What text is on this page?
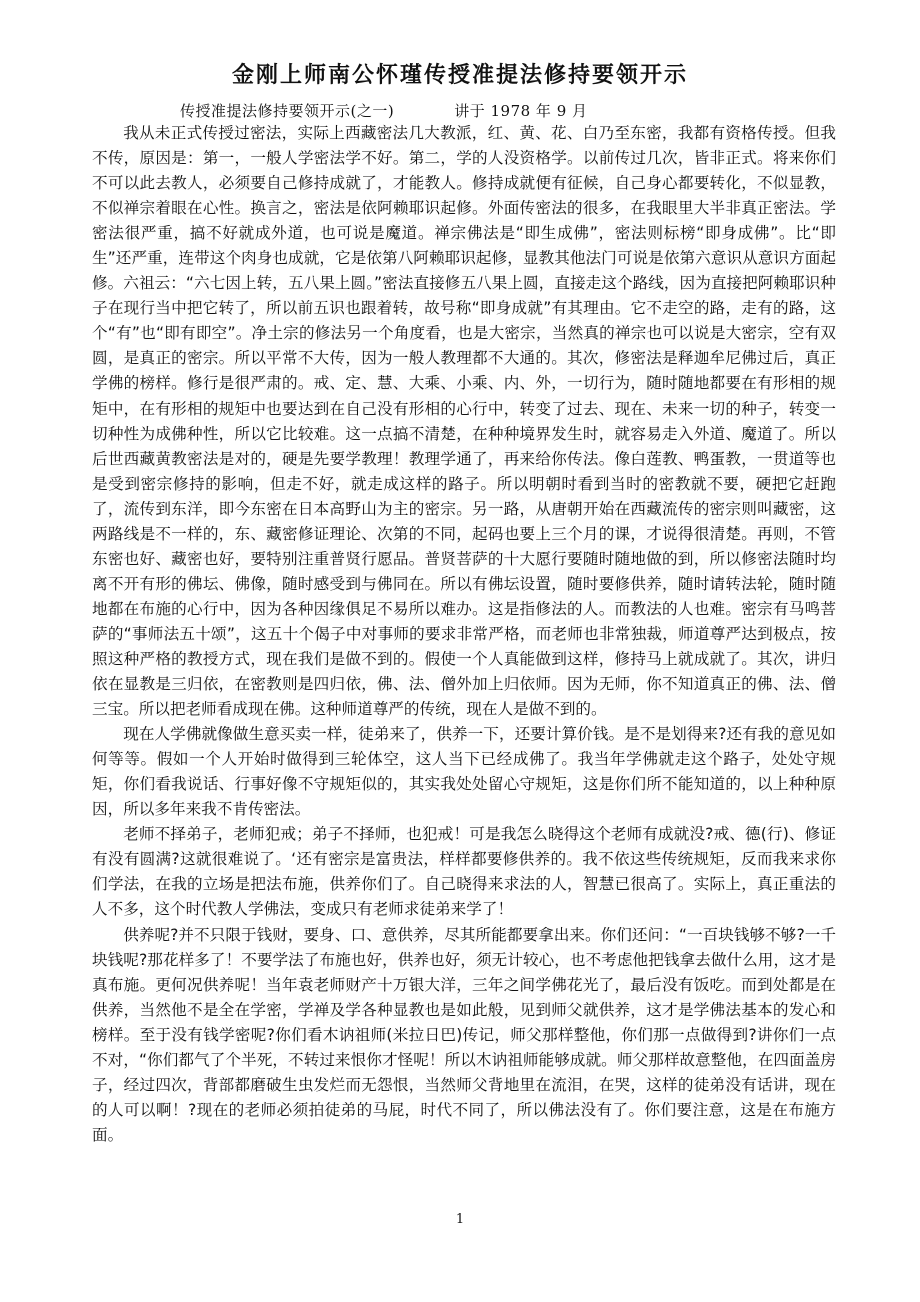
金刚上师南公怀瑾传授准提法修持要领开示
传授准提法修持要领开示(之一)	讲于 1978 年 9 月

我从未正式传授过密法，实际上西藏密法几大教派，红、黄、花、白乃至东密，我都有资格传授。但我不传，原因是：第一，一般人学密法学不好。第二，学的人没资格学。以前传过几次，皆非正式。将来你们不可以此去教人，必须要自己修持成就了，才能教人。修持成就便有征候，自己身心都要转化，不似显教，不似禅宗着眼在心性。换言之，密法是依阿赖耶识起修。外面传密法的很多，在我眼里大半非真正密法。学密法很严重，搞不好就成外道，也可说是魔道。禅宗佛法是“即生成佛”，密法则标榜“即身成佛”。比“即生”还严重，连带这个肉身也成就，它是依第八阿赖耶识起修，显教其他法门可说是依第六意识从意识方面起修。六祖云：“六七因上转，五八果上圆。”密法直接修五八果上圆，直接走这个路线，因为直接把阿赖耶识种子在现行当中把它转了，所以前五识也跟着转，故号称“即身成就”有其理由。它不走空的路，走有的路，这个“有”也“即有即空”。净土宗的修法另一个角度看，也是大密宗，当然真的禅宗也可以说是大密宗，空有双圆，是真正的密宗。所以平常不大传，因为一般人教理都不大通的。其次，修密法是释迦牟尼佛过后，真正学佛的榜样。修行是很严肃的。戒、定、慧、大乘、小乘、内、外，一切行为，随时随地都要在有形相的规矩中，在有形相的规矩中也要达到在自己没有形相的心行中，转变了过去、现在、未来一切的种子，转变一切种性为成佛种性，所以它比较难。这一点搞不清楚，在种种境界发生时，就容易走入外道、魔道了。所以后世西藏黄教密法是对的，硬是先要学教理！教理学通了，再来给你传法。像白莲教、鸭蛋教，一贯道等也是受到密宗修持的影响，但走不好，就走成这样的路子。所以明朝时看到当时的密教就不要，硬把它赶跑了，流传到东洋，即今东密在日本高野山为主的密宗。另一路，从唐朝开始在西藏流传的密宗则叫藏密，这两路线是不一样的，东、藏密修证理论、次第的不同，起码也要上三个月的课，才说得很清楚。再则，不管东密也好、藏密也好，要特别注重普贤行愿品。普贤菩萨的十大愿行要随时随地做的到，所以修密法随时均离不开有形的佛坛、佛像，随时感受到与佛同在。所以有佛坛设置，随时要修供养，随时请转法轮，随时随地都在布施的心行中，因为各种因缘俱足不易所以难办。这是指修法的人。而教法的人也难。密宗有马鸣菩萨的“事师法五十颂”，这五十个偈子中对事师的要求非常严格，而老师也非常独裁，师道尊严达到极点，按照这种严格的教授方式，现在我们是做不到的。假使一个人真能做到这样，修持马上就成就了。其次，讲归依在显教是三归依，在密教则是四归依，佛、法、僧外加上归依师。因为无师，你不知道真正的佛、法、僧三宝。所以把老师看成现在佛。这种师道尊严的传统，现在人是做不到的。

现在人学佛就像做生意买卖一样，徒弟来了，供养一下，还要计算价钱。是不是划得来?还有我的意见如何等等。假如一个人开始时做得到三轮体空，这人当下已经成佛了。我当年学佛就走这个路子，处处守规矩，你们看我说话、行事好像不守规矩似的，其实我处处留心守规矩，这是你们所不能知道的，以上种种原因，所以多年来我不肯传密法。

老师不择弟子，老师犯戒；弟子不择师，也犯戒！可是我怎么晓得这个老师有成就没?戒、德(行)、修证有没有圆满?这就很难说了。‘还有密宗是富贵法，样样都要修供养的。我不依这些传统规矩，反而我来求你们学法，在我的立场是把法布施，供养你们了。自己晓得来求法的人，智慧已很高了。实际上，真正重法的人不多，这个时代教人学佛法，变成只有老师求徒弟来学了！

供养呢?并不只限于钱财，要身、口、意供养，尽其所能都要拿出来。你们还问：“一百块钱够不够?一千块钱呢?那花样多了！不要学法了布施也好，供养也好，须无计较心，也不考虑他把钱拿去做什么用，这才是真布施。更何况供养呢！当年袁老师财产十万银大洋，三年之间学佛花光了，最后没有饭吃。而到处都是在供养，当然他不是全在学密，学禅及学各种显教也是如此般，见到师父就供养，这才是学佛法基本的发心和榜样。至于没有钱学密呢?你们看木讷祖师(米拉日巴)传记，师父那样整他，你们那一点做得到?讲你们一点不对，“你们都气了个半死，不转过来恨你才怪呢！所以木讷祖师能够成就。师父那样故意整他，在四面盖房子，经过四次，背部都磨破生虫发烂而无怨恨，当然师父背地里在流泪，在哭，这样的徒弟没有话讲，现在的人可以啊！?现在的老师必须拍徒弟的马屁，时代不同了，所以佛法没有了。你们要注意，这是在布施方面。

1
